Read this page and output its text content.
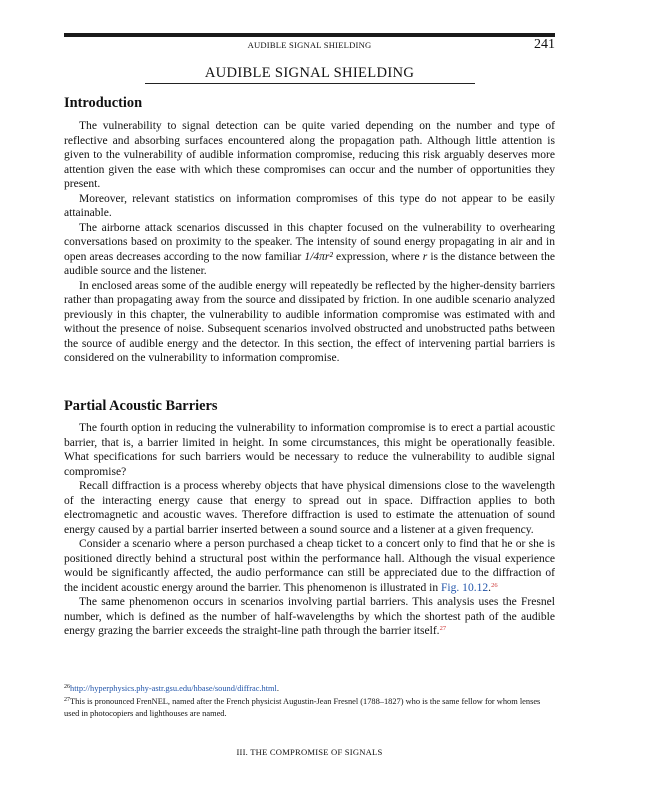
AUDIBLE SIGNAL SHIELDING	241
AUDIBLE SIGNAL SHIELDING
Introduction

The vulnerability to signal detection can be quite varied depending on the number and type of reflective and absorbing surfaces encountered along the propagation path. Although little attention is given to the vulnerability of audible information compromise, reducing this risk arguably deserves more attention given the ease with which these compromises can occur and the number of opportunities they present.

Moreover, relevant statistics on information compromises of this type do not appear to be easily attainable.

The airborne attack scenarios discussed in this chapter focused on the vulnerability to overhearing conversations based on proximity to the speaker. The intensity of sound energy propagating in air and in open areas decreases according to the now familiar 1/4πr² expression, where r is the distance between the audible source and the listener.

In enclosed areas some of the audible energy will repeatedly be reflected by the higher-density barriers rather than propagating away from the source and dissipated by friction. In one audible scenario analyzed previously in this chapter, the vulnerability to audible information compromise was estimated with and without the presence of noise. Subsequent scenarios involved obstructed and unobstructed paths between the source of audible energy and the detector. In this section, the effect of intervening partial barriers is considered on the vulnerability to information compromise.

Partial Acoustic Barriers

The fourth option in reducing the vulnerability to information compromise is to erect a partial acoustic barrier, that is, a barrier limited in height. In some circumstances, this might be operationally feasible. What specifications for such barriers would be necessary to reduce the vulnerability to audible signal compromise?

Recall diffraction is a process whereby objects that have physical dimensions close to the wavelength of the interacting energy cause that energy to spread out in space. Diffraction applies to both electromagnetic and acoustic waves. Therefore diffraction is used to estimate the attenuation of sound energy caused by a partial barrier inserted between a sound source and a listener at a given frequency.

Consider a scenario where a person purchased a cheap ticket to a concert only to find that he or she is positioned directly behind a structural post within the performance hall. Although the visual experience would be significantly affected, the audio performance can still be appreciated due to the diffraction of the incident acoustic energy around the barrier. This phenomenon is illustrated in Fig. 10.12.26

The same phenomenon occurs in scenarios involving partial barriers. This analysis uses the Fresnel number, which is defined as the number of half-wavelengths by which the shortest path of the audible energy grazing the barrier exceeds the straight-line path through the barrier itself.$^{27}$

$^{26}$http://hyperphysics.phy-astr.gsu.edu/hbase/sound/diffrac.html.

$^{27}$This is pronounced FrenNEL, named after the French physicist Augustin-Jean Fresnel (1788–1827) who is the same fellow for whom lenses used in photocopiers and lighthouses are named.

III. THE COMPROMISE OF SIGNALS
